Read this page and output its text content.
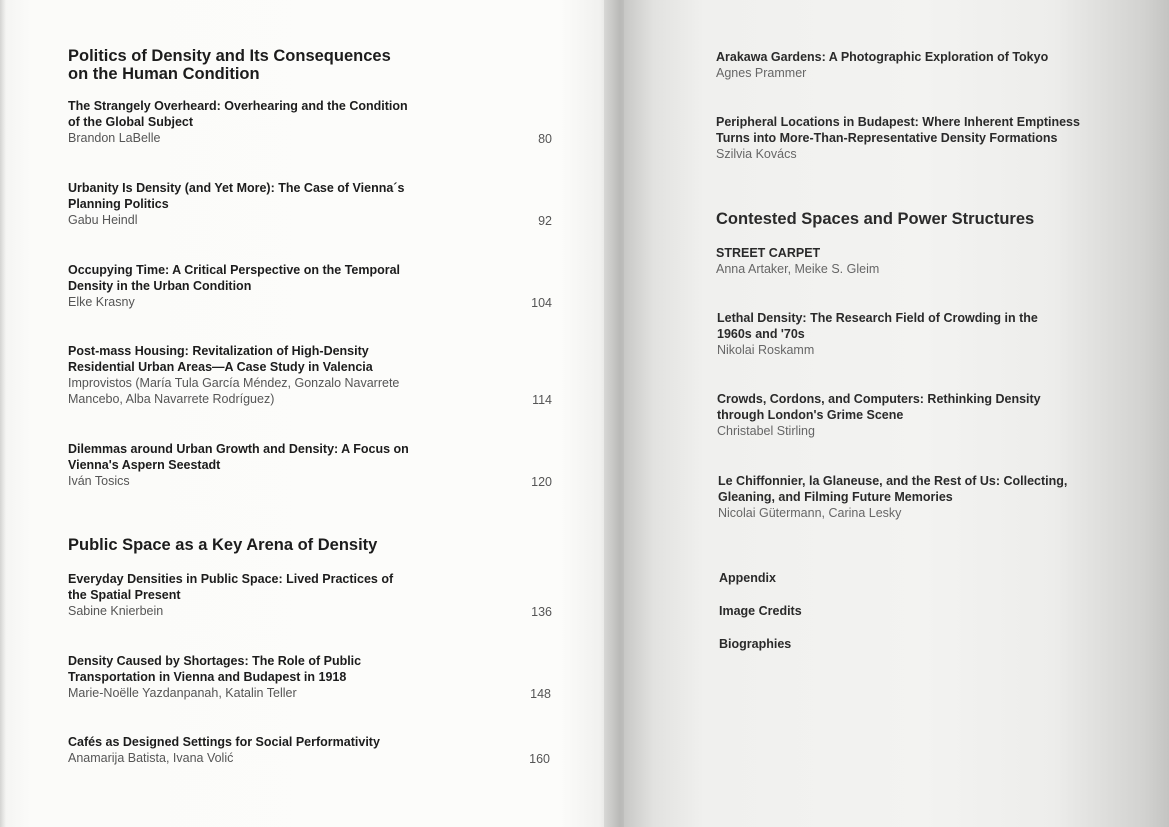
Politics of Density and Its Consequences
on the Human Condition
The Strangely Overheard: Overhearing and the Condition
of the Global Subject
Brandon LaBelle	80
Urbanity Is Density (and Yet More): The Case of Vienna´s
Planning Politics
Gabu Heindl	92
Occupying Time: A Critical Perspective on the Temporal
Density in the Urban Condition
Elke Krasny	104
Post-mass Housing: Revitalization of High-Density
Residential Urban Areas—A Case Study in Valencia
Improvistos (María Tula García Méndez, Gonzalo Navarrete
Mancebo, Alba Navarrete Rodríguez)	114
Dilemmas around Urban Growth and Density: A Focus on
Vienna's Aspern Seestadt
Iván Tosics	120
Public Space as a Key Arena of Density
Everyday Densities in Public Space: Lived Practices of
the Spatial Present
Sabine Knierbein	136
Density Caused by Shortages: The Role of Public
Transportation in Vienna and Budapest in 1918
Marie-Noëlle Yazdanpanah, Katalin Teller	148
Cafés as Designed Settings for Social Performativity
Anamarija Batista, Ivana Volić	160
Arakawa Gardens: A Photographic Exploration of Tokyo
Agnes Prammer
Peripheral Locations in Budapest: Where Inherent Emptiness
Turns into More-Than-Representative Density Formations
Szilvia Kovács
Contested Spaces and Power Structures
STREET CARPET
Anna Artaker, Meike S. Gleim
Lethal Density: The Research Field of Crowding in the
1960s and '70s
Nikolai Roskamm
Crowds, Cordons, and Computers: Rethinking Density
through London's Grime Scene
Christabel Stirling
Le Chiffonnier, la Glaneuse, and the Rest of Us: Collecting,
Gleaning, and Filming Future Memories
Nicolai Gütermann, Carina Lesky
Appendix
Image Credits
Biographies
